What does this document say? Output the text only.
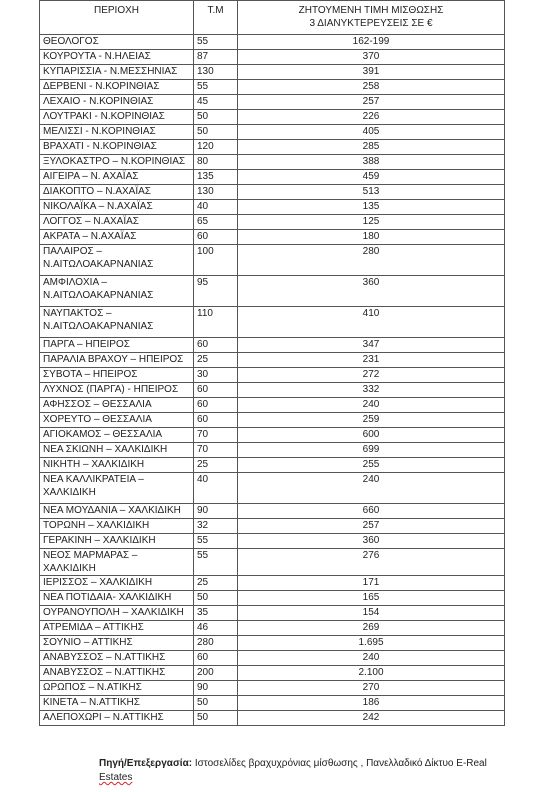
ΠΕΡΙΟΧΗ	Τ.Μ	ΖΗΤΟΥΜΕΝΗ ΤΙΜΗ ΜΙΣΘΩΣΗΣ
3 ΔΙΑΝΥΚΤΕΡΕΥΣΕΙΣ ΣΕ €

ΘΕΟΛΟΓΟΣ	55	162-199
ΚΟΥΡΟΥΤΑ - Ν.ΗΛΕΙΑΣ	87	370
ΚΥΠΑΡΙΣΣΙΑ - Ν.ΜΕΣΣΗΝΙΑΣ	130	391
ΔΕΡΒΕΝΙ - Ν.ΚΟΡΙΝΘΙΑΣ	55	258
ΛΕΧΑΙΟ - Ν.ΚΟΡΙΝΘΙΑΣ	45	257
ΛΟΥΤΡΑΚΙ - Ν.ΚΟΡΙΝΘΙΑΣ	50	226
ΜΕΛΙΣΣΙ - Ν.ΚΟΡΙΝΘΙΑΣ	50	405
ΒΡΑΧΑΤΙ - Ν.ΚΟΡΙΝΘΙΑΣ	120	285
ΞΥΛΟΚΑΣΤΡΟ – Ν.ΚΟΡΙΝΘΙΑΣ	80	388
ΑΙΓΕΙΡΑ – Ν. ΑΧΑΪΑΣ	135	459
ΔΙΑΚΟΠΤΟ – Ν.ΑΧΑΪΑΣ	130	513
ΝΙΚΟΛΑΪΚΑ – Ν.ΑΧΑΪΑΣ	40	135
ΛΟΓΓΟΣ – Ν.ΑΧΑΪΑΣ	65	125
ΑΚΡΑΤΑ – Ν.ΑΧΑΪΑΣ	60	180
ΠΑΛΑΙΡΟΣ – Ν.ΑΙΤΩΛΟΑΚΑΡΝΑΝΙΑΣ	100	280
ΑΜΦΙΛΟΧΙΑ – Ν.ΑΙΤΩΛΟΑΚΑΡΝΑΝΙΑΣ	95	360
ΝΑΥΠΑΚΤΟΣ – Ν.ΑΙΤΩΛΟΑΚΑΡΝΑΝΙΑΣ	110	410
ΠΑΡΓΑ – ΗΠΕΙΡΟΣ	60	347
ΠΑΡΑΛΙΑ ΒΡΑΧΟΥ – ΗΠΕΙΡΟΣ	25	231
ΣΥΒΟΤΑ – ΗΠΕΙΡΟΣ	30	272
ΛΥΧΝΟΣ (ΠΑΡΓΑ) - ΗΠΕΙΡΟΣ	60	332
ΑΦΗΣΣΟΣ – ΘΕΣΣΑΛΙΑ	60	240
ΧΟΡΕΥΤΟ – ΘΕΣΣΑΛΙΑ	60	259
ΑΓΙΟΚΑΜΟΣ – ΘΕΣΣΑΛΙΑ	70	600
ΝΕΑ ΣΚΙΩΝΗ – ΧΑΛΚΙΔΙΚΗ	70	699
ΝΙΚΗΤΗ – ΧΑΛΚΙΔΙΚΗ	25	255
ΝΕΑ ΚΑΛΛΙΚΡΑΤΕΙΑ – ΧΑΛΚΙΔΙΚΗ	40	240
ΝΕΑ ΜΟΥΔΑΝΙΑ – ΧΑΛΚΙΔΙΚΗ	90	660
ΤΟΡΩΝΗ – ΧΑΛΚΙΔΙΚΗ	32	257
ΓΕΡΑΚΙΝΗ – ΧΑΛΚΙΔΙΚΗ	55	360
ΝΕΟΣ ΜΑΡΜΑΡΑΣ – ΧΑΛΚΙΔΙΚΗ	55	276
ΙΕΡΙΣΣΟΣ – ΧΑΛΚΙΔΙΚΗ	25	171
ΝΕΑ ΠΟΤΙΔΑΙΑ- ΧΑΛΚΙΔΙΚΗ	50	165
ΟΥΡΑΝΟΥΠΟΛΗ – ΧΑΛΚΙΔΙΚΗ	35	154
ΑΤΡΕΜΙΔΑ – ΑΤΤΙΚΗΣ	46	269
ΣΟΥΝΙΟ – ΑΤΤΙΚΗΣ	280	1.695
ΑΝΑΒΥΣΣΟΣ – Ν.ΑΤΤΙΚΗΣ	60	240
ΑΝΑΒΥΣΣΟΣ – Ν.ΑΤΤΙΚΗΣ	200	2.100
ΩΡΩΠΟΣ – Ν.ΑΤΙΚΗΣ	90	270
ΚΙΝΕΤΑ – Ν.ΑΤΤΙΚΗΣ	50	186
ΑΛΕΠΟΧΩΡΙ – Ν.ΑΤΤΙΚΗΣ	50	242
Πηγή/Επεξεργασία: Ιστοσελίδες βραχυχρόνιας μίσθωσης , Πανελλαδικό Δίκτυο E-Real
Estates
